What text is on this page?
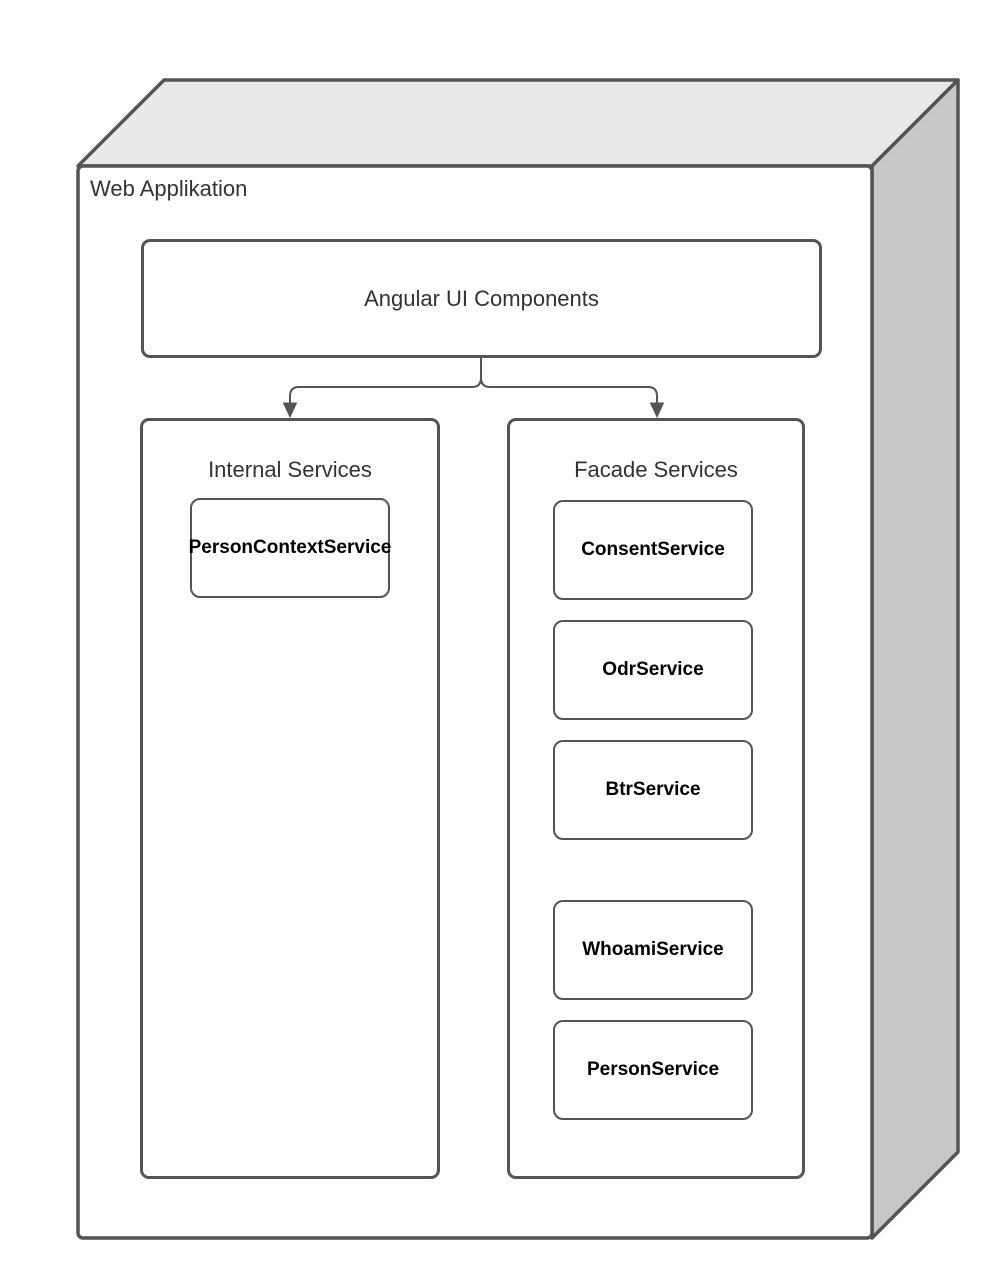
Web Applikation
Angular UI Components
Internal Services
PersonContextService
Facade Services
ConsentService
OdrService
BtrService
WhoamiService
PersonService
